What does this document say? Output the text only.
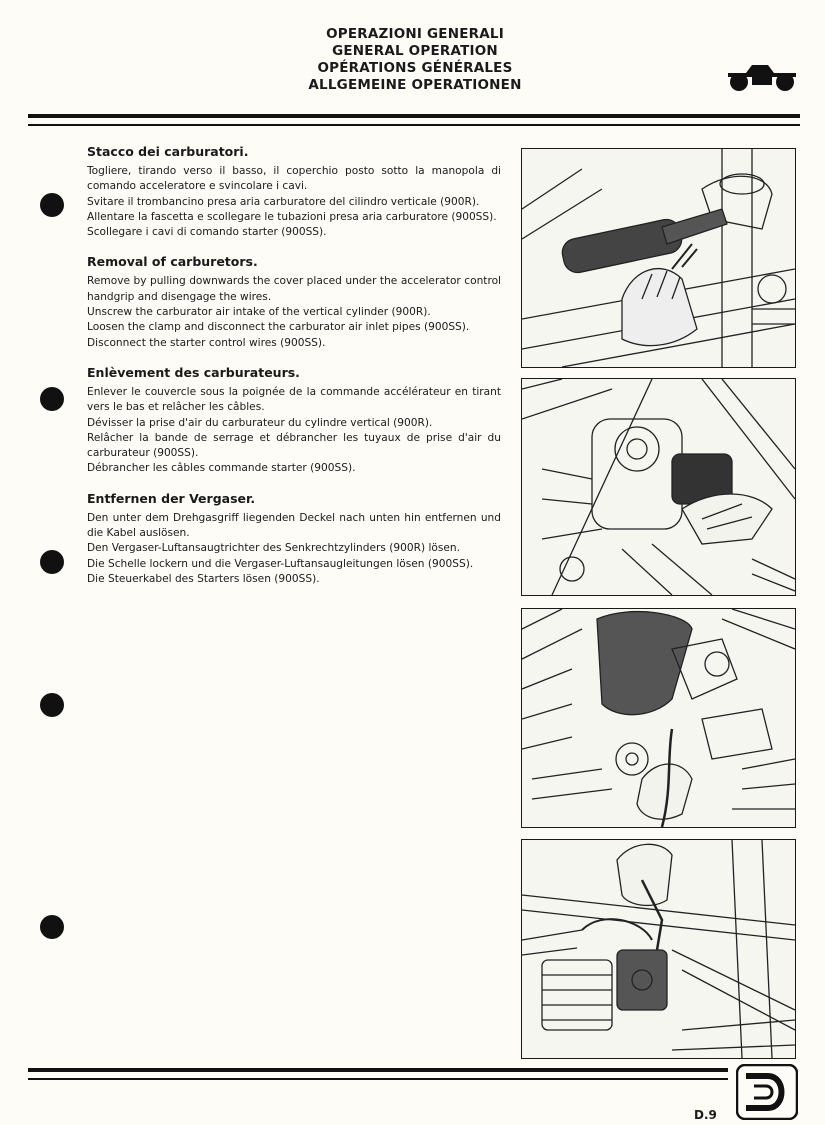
OPERAZIONI GENERALI
GENERAL OPERATION
OPÉRATIONS GÉNÉRALES
ALLGEMEINE OPERATIONEN
Stacco dei carburatori.

Togliere, tirando verso il basso, il coperchio posto sotto la manopola di comando acceleratore e svincolare i cavi.

Svitare il trombancino presa aria carburatore del cilindro verticale (900R).

Allentare la fascetta e scollegare le tubazioni presa aria carburatore (900SS).

Scollegare i cavi di comando starter (900SS).

Removal of carburetors.

Remove by pulling downwards the cover placed under the accelerator control handgrip and disengage the wires.

Unscrew the carburator air intake of the vertical cylinder (900R).

Loosen the clamp and disconnect the carburator air inlet pipes (900SS).

Disconnect the starter control wires (900SS).

Enlèvement des carburateurs.

Enlever le couvercle sous la poignée de la commande accélérateur en tirant vers le bas et relâcher les câbles.

Dévisser la prise d'air du carburateur du cylindre vertical (900R).

Relâcher la bande de serrage et débrancher les tuyaux de prise d'air du carburateur (900SS).

Débrancher les câbles commande starter (900SS).

Entfernen der Vergaser.

Den unter dem Drehgasgriff liegenden Deckel nach unten hin entfernen und die Kabel auslösen.

Den Vergaser-Luftansaugtrichter des Senkrechtzylinders (900R) lösen.

Die Schelle lockern und die Vergaser-Luftansaugleitungen lösen (900SS).

Die Steuerkabel des Starters lösen (900SS).

D.9
